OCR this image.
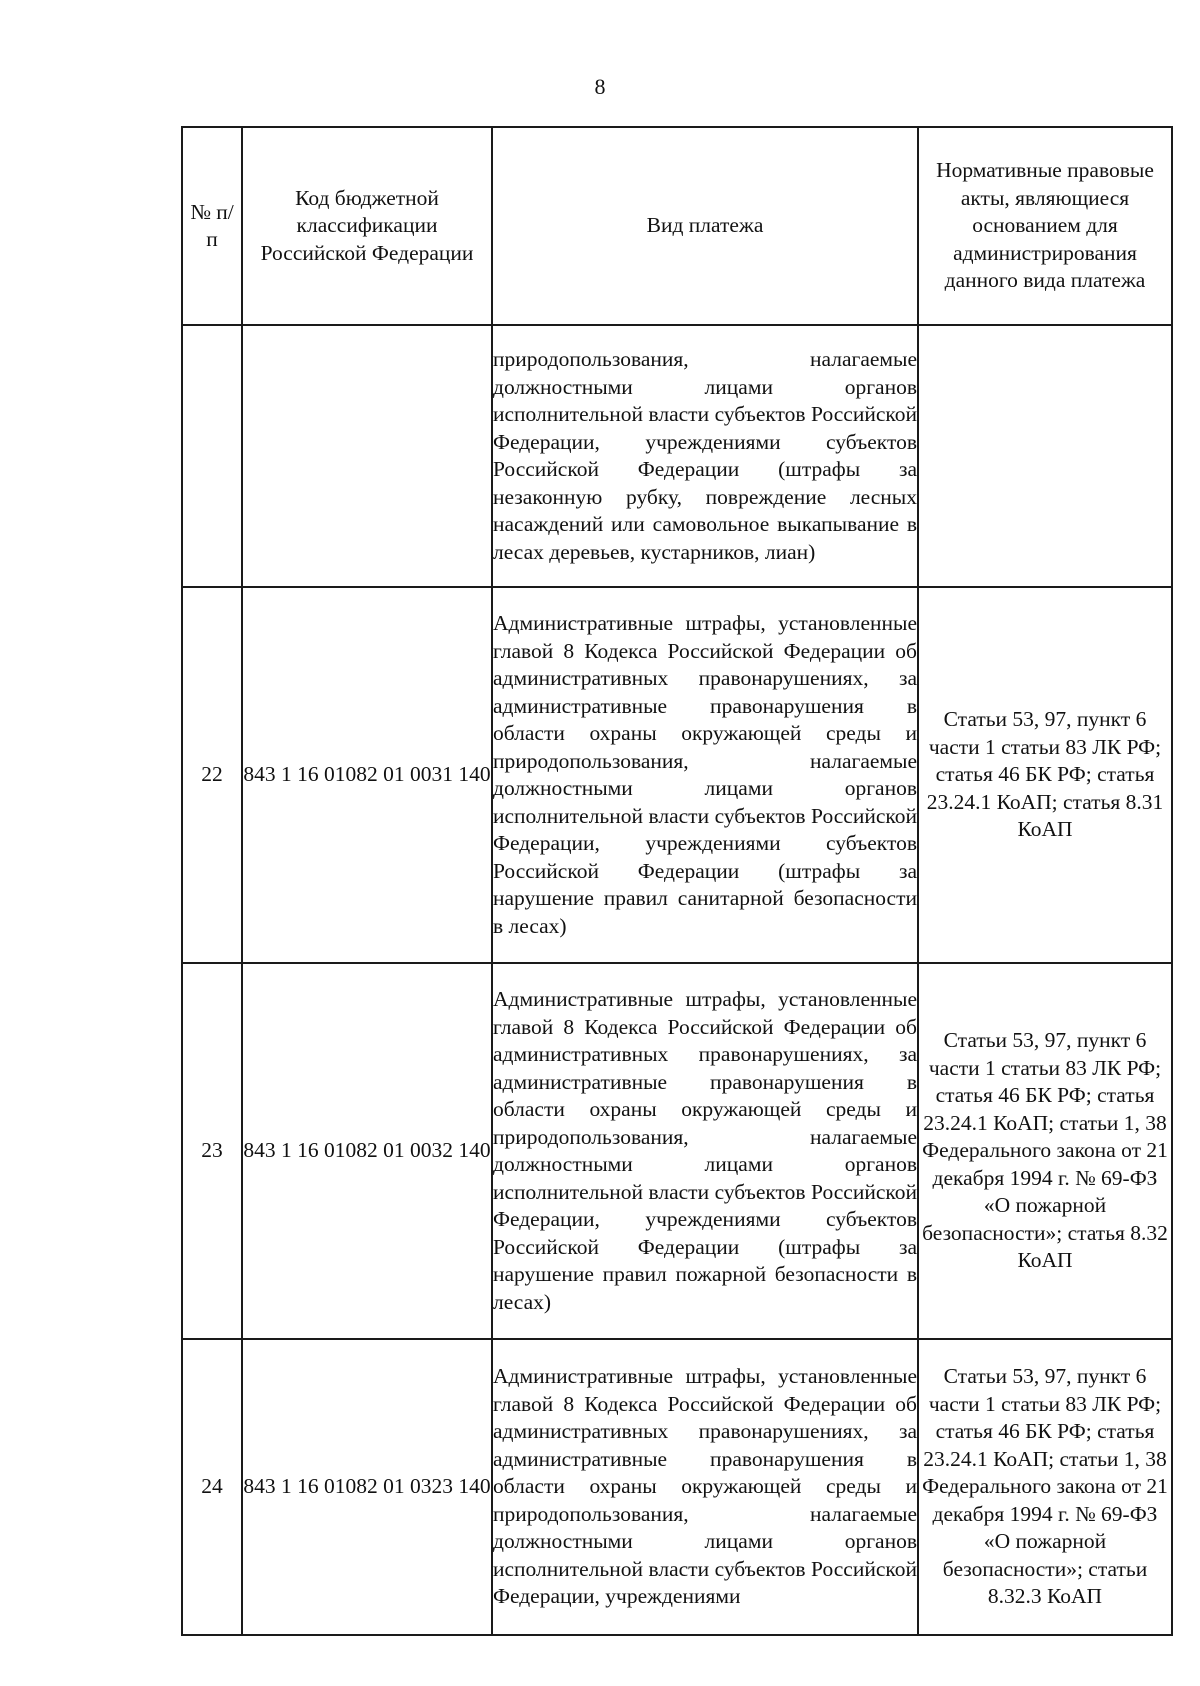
8
№ п/п	Код бюджетной классификации Российской Федерации	Вид платежа	Нормативные правовые акты, являющиеся основанием для администрирования данного вида платежа
		природопользования, налагаемые должностными лицами органов исполнительной власти субъектов Российской Федерации, учреждениями субъектов Российской Федерации (штрафы за незаконную рубку, повреждение лесных насаждений или самовольное выкапывание в лесах деревьев, кустарников, лиан)	
22	843 1 16 01082 01 0031 140	Административные штрафы, установленные главой 8 Кодекса Российской Федерации об административных правонарушениях, за административные правонарушения в области охраны окружающей среды и природопользования, налагаемые должностными лицами органов исполнительной власти субъектов Российской Федерации, учреждениями субъектов Российской Федерации (штрафы за нарушение правил санитарной безопасности в лесах)	Статьи 53, 97, пункт 6 части 1 статьи 83 ЛК РФ; статья 46 БК РФ; статья 23.24.1 КоАП; статья 8.31 КоАП
23	843 1 16 01082 01 0032 140	Административные штрафы, установленные главой 8 Кодекса Российской Федерации об административных правонарушениях, за административные правонарушения в области охраны окружающей среды и природопользования, налагаемые должностными лицами органов исполнительной власти субъектов Российской Федерации, учреждениями субъектов Российской Федерации (штрафы за нарушение правил пожарной безопасности в лесах)	Статьи 53, 97, пункт 6 части 1 статьи 83 ЛК РФ; статья 46 БК РФ; статья 23.24.1 КоАП; статьи 1, 38 Федерального закона от 21 декабря 1994 г. № 69-ФЗ «О пожарной безопасности»; статья 8.32 КоАП
24	843 1 16 01082 01 0323 140	Административные штрафы, установленные главой 8 Кодекса Российской Федерации об административных правонарушениях, за административные правонарушения в области охраны окружающей среды и природопользования, налагаемые должностными лицами органов исполнительной власти субъектов Российской Федерации, учреждениями	Статьи 53, 97, пункт 6 части 1 статьи 83 ЛК РФ; статья 46 БК РФ; статья 23.24.1 КоАП; статьи 1, 38 Федерального закона от 21 декабря 1994 г. № 69-ФЗ «О пожарной безопасности»; статьи 8.32.3 КоАП
